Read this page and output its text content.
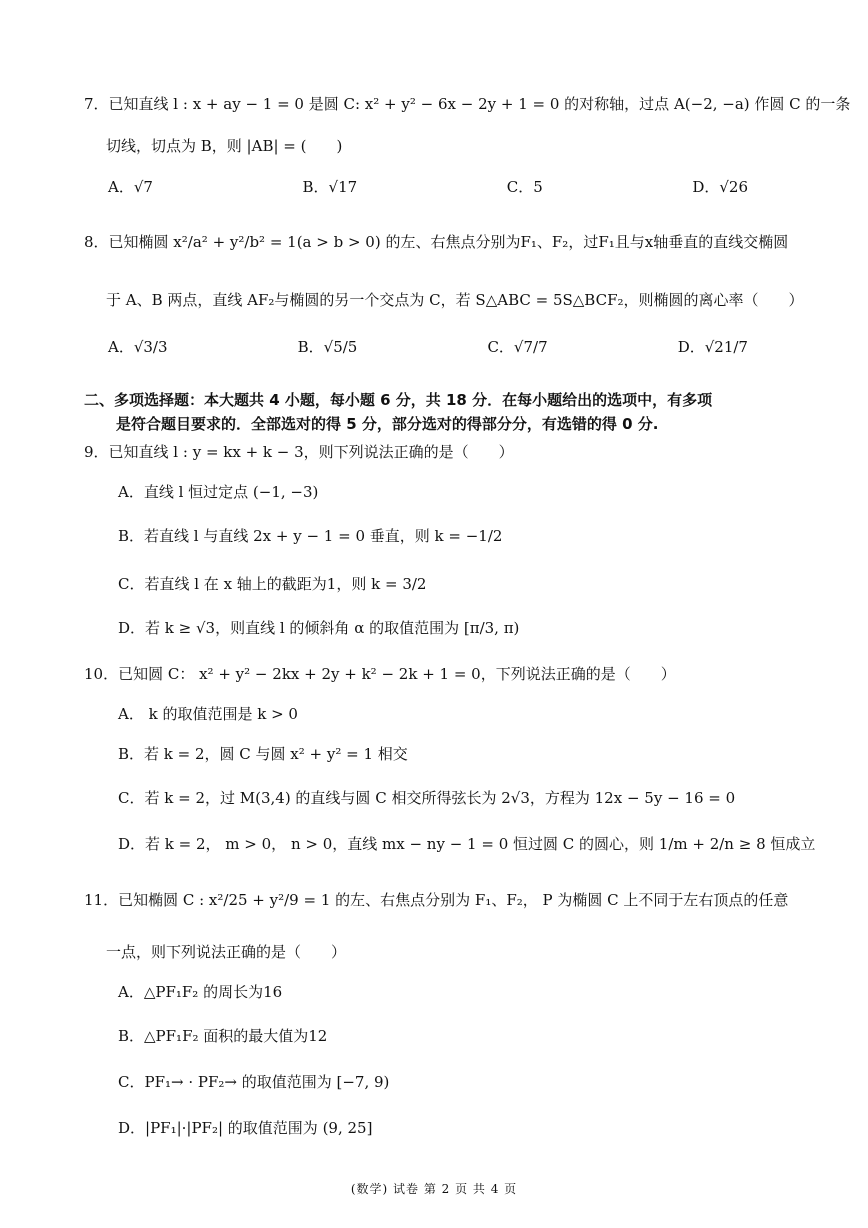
7．已知直线 l : x + ay − 1 = 0 是圆 C: x² + y² − 6x − 2y + 1 = 0 的对称轴，过点 A(−2, −a) 作圆 C 的一条
切线，切点为 B，则 |AB| = (　　)
A．√7	B．√17	C．5	D．√26
8．已知椭圆 x²/a² + y²/b² = 1(a > b > 0) 的左、右焦点分别为F₁、F₂，过F₁且与x轴垂直的直线交椭圆
于 A、B 两点，直线 AF₂与椭圆的另一个交点为 C，若 S△ABC = 5S△BCF₂，则椭圆的离心率（　　）
A．√3/3	B．√5/5	C．√7/7	D．√21/7
二、多项选择题：本大题共 4 小题，每小题 6 分，共 18 分．在每小题给出的选项中，有多项
是符合题目要求的．全部选对的得 5 分，部分选对的得部分分，有选错的得 0 分.
9．已知直线 l : y = kx + k − 3，则下列说法正确的是（　　）
A．直线 l 恒过定点 (−1, −3)
B．若直线 l 与直线 2x + y − 1 = 0 垂直，则 k = −1/2
C．若直线 l 在 x 轴上的截距为1，则 k = 3/2
D．若 k ≥ √3，则直线 l 的倾斜角 α 的取值范围为 [π/3, π)
10．已知圆 C： x² + y² − 2kx + 2y + k² − 2k + 1 = 0，下列说法正确的是（　　）
A． k 的取值范围是 k > 0
B．若 k = 2，圆 C 与圆 x² + y² = 1 相交
C．若 k = 2，过 M(3,4) 的直线与圆 C 相交所得弦长为 2√3，方程为 12x − 5y − 16 = 0
D．若 k = 2， m > 0， n > 0，直线 mx − ny − 1 = 0 恒过圆 C 的圆心，则 1/m + 2/n ≥ 8 恒成立
11．已知椭圆 C : x²/25 + y²/9 = 1 的左、右焦点分别为 F₁、F₂， P 为椭圆 C 上不同于左右顶点的任意
一点，则下列说法正确的是（　　）
A．△PF₁F₂ 的周长为16
B．△PF₁F₂ 面积的最大值为12
C．PF₁→ · PF₂→ 的取值范围为 [−7, 9)
D．|PF₁|·|PF₂| 的取值范围为 (9, 25]
(数学) 试卷 第 2 页 共 4 页
